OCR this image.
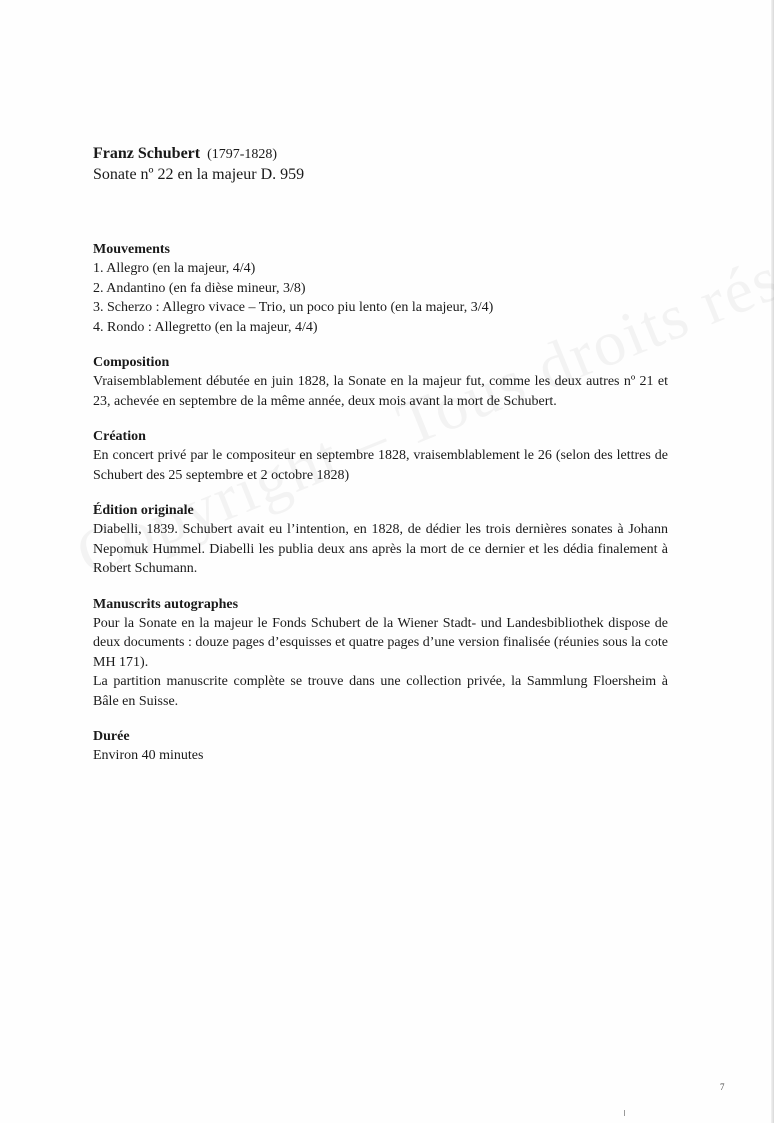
Franz Schubert (1797-1828)
Sonate nº 22 en la majeur D. 959
Mouvements
1. Allegro (en la majeur, 4/4)
2. Andantino (en fa dièse mineur, 3/8)
3. Scherzo : Allegro vivace – Trio, un poco piu lento (en la majeur, 3/4)
4. Rondo : Allegretto (en la majeur, 4/4)
Composition

Vraisemblablement débutée en juin 1828, la Sonate en la majeur fut, comme les deux autres nº 21 et 23, achevée en septembre de la même année, deux mois avant la mort de Schubert.

Création

En concert privé par le compositeur en septembre 1828, vraisemblablement le 26 (selon des lettres de Schubert des 25 septembre et 2 octobre 1828)

Édition originale

Diabelli, 1839. Schubert avait eu l’intention, en 1828, de dédier les trois dernières sonates à Johann Nepomuk Hummel. Diabelli les publia deux ans après la mort de ce dernier et les dédia finalement à Robert Schumann.

Manuscrits autographes

Pour la Sonate en la majeur le Fonds Schubert de la Wiener Stadt- und Landesbibliothek dispose de deux documents : douze pages d’esquisses et quatre pages d’une version finalisée (réunies sous la cote MH 171).

La partition manuscrite complète se trouve dans une collection privée, la Sammlung Floersheim à Bâle en Suisse.

Durée

Environ 40 minutes

7
